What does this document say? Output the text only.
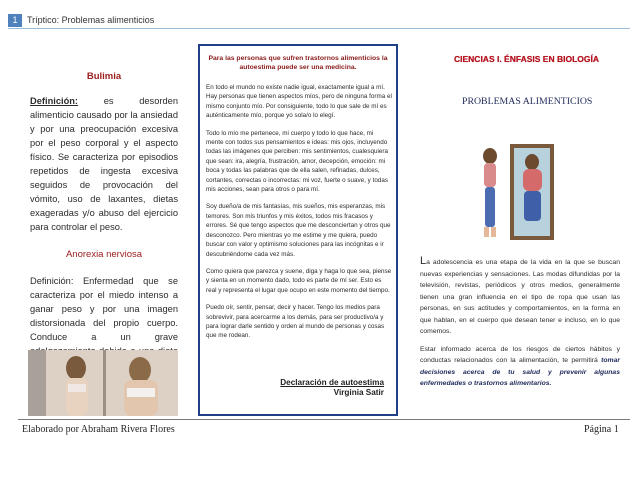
1	Tríptico: Problemas alimenticios

Bulimia

Definición: es desorden alimenticio causado por la ansiedad y por una preocupación excesiva por el peso corporal y el aspecto físico. Se caracteriza por episodios repetidos de ingesta excesiva seguidos de provocación del vómito, uso de laxantes, dietas exageradas y/o abuso del ejercicio para controlar el peso.

Anorexia nerviosa

Definición: Enfermedad que se caracteriza por el miedo intenso a ganar peso y por una imagen distorsionada del propio cuerpo. Conduce a un grave

Para las personas que sufren trastornos alimenticios la autoestima puede ser una medicina.

En todo el mundo no existe nadie igual, exactamente igual a mí. Hay personas que tienen aspectos míos, pero de ninguna forma el mismo conjunto mío. Por consiguiente, todo lo que sale de mí es auténticamente mío, porque yo sola/o lo elegí.

Todo lo mío me pertenece, mi cuerpo y todo lo que hace, mi mente con todos sus pensamientos e ideas: mis ojos, incluyendo todas las imágenes que perciben: mis sentimientos, cualesquiera que sean: ira, alegría, frustración, amor, decepción, emoción: mi boca y todas las palabras que de ella salen, refinadas, dulces, cortantes, correctas o incorrectas: mi voz, fuerte o suave, y todas mis acciones, sean para otros o para mí.

Soy dueño/a de mis fantasías, mis sueños, mis esperanzas, mis temores. Son mis triunfos y mis éxitos, todos mis fracasos y errores. Sé que tengo aspectos que me desconciertan y otros que desconozco. Pero mientras yo me estime y me quiera, puedo buscar con valor y optimismo soluciones para las incógnitas e ir descubriéndome cada vez más.

Como quiera que parezca y suene, diga y haga lo que sea, piense y sienta en un momento dado, todo es parte de mí ser. Esto es real y representa el lugar que ocupo en este momento del tiempo.

Puedo oír, sentir, pensar, decir y hacer. Tengo los medios para sobrevivir, para acercarme a los demás, para ser productivo/a y para lograr darle sentido y orden al mundo de personas y cosas que me rodean.

Declaración de autoestima
Virginia Satir
CIENCIAS I. ÉNFASIS EN BIOLOGÍA
PROBLEMAS ALIMENTICIOS

La adolescencia es una etapa de la vida en la que se buscan nuevas experiencias y sensaciones. Las modas difundidas por la televisión, revistas, periódicos y otros medios, generalmente tienen una gran influencia en el tipo de ropa que usan las personas, en sus actitudes y comportamientos, en la forma en que hablan, en el cuerpo que desean tener e incluso, en lo que comemos.

Estar informado acerca de los riesgos de ciertos hábitos y conductas relacionados con la alimentación, te permitirá tomar decisiones acerca de tu salud y prevenir algunas enfermedades o trastornos alimentarios.

Elaborado por Abraham Rivera Flores	Página 1
